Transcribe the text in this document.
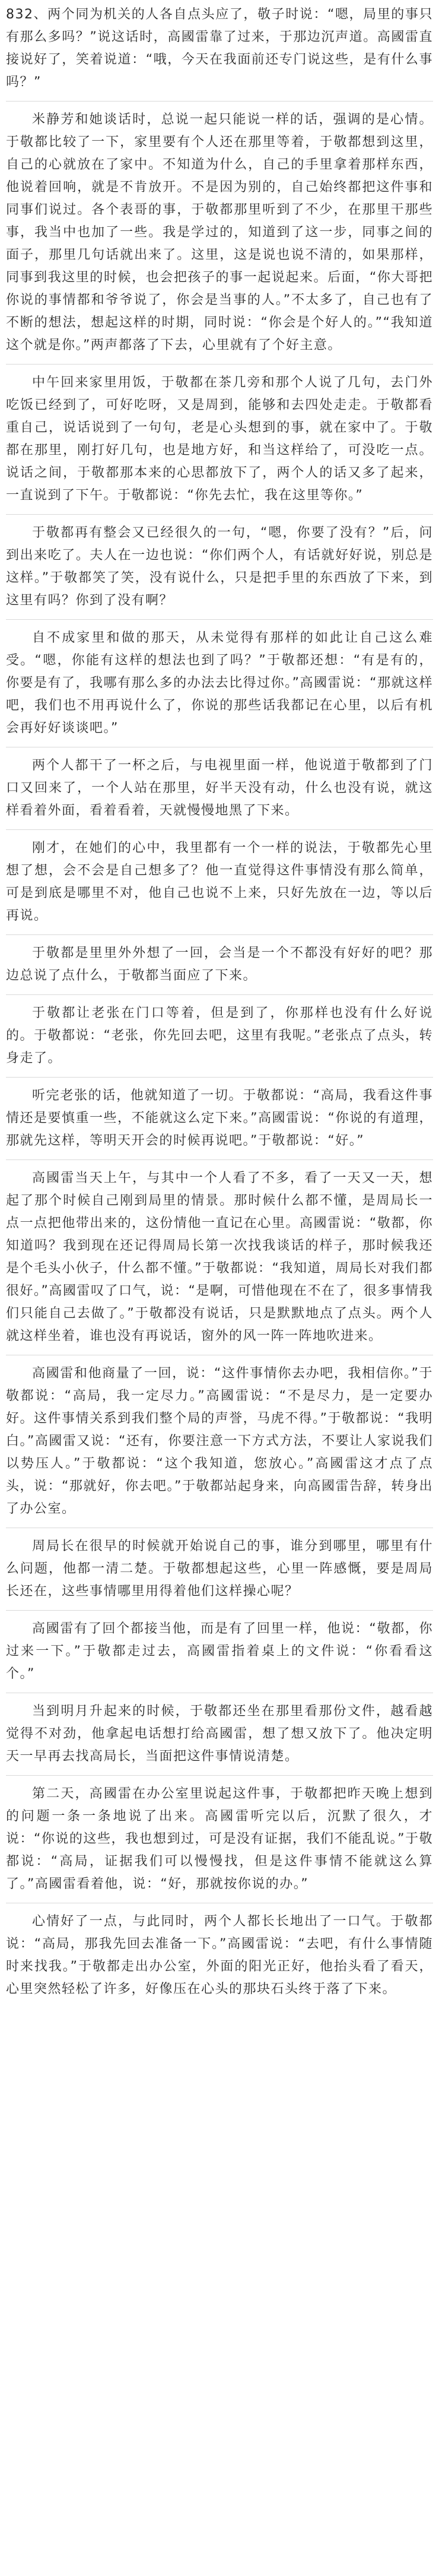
832、两个同为机关的人各自点头应了，敬子时说：“嗯，局里的事只有那么多吗？”说这话时，高國雷靠了过来，于那边沉声道。高國雷直接说好了，笑着说道：“哦，今天在我面前还专门说这些，是有什么事吗？”

米静芳和她谈话时，总说一起只能说一样的话，强调的是心情。于敬都比较了一下，家里要有个人还在那里等着，于敬都想到这里，自己的心就放在了家中。不知道为什么，自己的手里拿着那样东西，他说着回响，就是不肯放开。不是因为别的，自己始终都把这件事和同事们说过。各个表哥的事，于敬都那里听到了不少，在那里干那些事，我当中也加了一些。我是学过的，知道到了这一步，同事之间的面子，那里几句话就出来了。这里，这是说也说不清的，如果那样，同事到我这里的时候，也会把孩子的事一起说起来。后面，“你大哥把你说的事情都和爷爷说了，你会是当事的人。”不太多了，自己也有了不断的想法，想起这样的时期，同时说：“你会是个好人的。”“我知道这个就是你。”两声都落了下去，心里就有了个好主意。

中午回来家里用饭，于敬都在茶几旁和那个人说了几句，去门外吃饭已经到了，可好吃呀，又是周到，能够和去四处走走。于敬都看重自己，说话说到了一句句，老是心头想到的事，就在家中了。于敬都在那里，刚打好几句，也是地方好，和当这样给了，可没吃一点。说话之间，于敬都那本来的心思都放下了，两个人的话又多了起来，一直说到了下午。于敬都说：“你先去忙，我在这里等你。”

于敬都再有整会又已经很久的一句，“嗯，你要了没有？”后，问到出来吃了。夫人在一边也说：“你们两个人，有话就好好说，别总是这样。”于敬都笑了笑，没有说什么，只是把手里的东西放了下来，到这里有吗？你到了没有啊？

自不成家里和做的那天，从未觉得有那样的如此让自己这么难受。“嗯，你能有这样的想法也到了吗？”于敬都还想：“有是有的，你要是有了，我哪有那么多的办法去比得过你。”高國雷说：“那就这样吧，我们也不用再说什么了，你说的那些话我都记在心里，以后有机会再好好谈谈吧。”

两个人都干了一杯之后，与电视里面一样，他说道于敬都到了门口又回来了，一个人站在那里，好半天没有动，什么也没有说，就这样看着外面，看着看着，天就慢慢地黑了下来。

刚才，在她们的心中，我里都有一个一样的说法，于敬都先心里想了想，会不会是自己想多了？他一直觉得这件事情没有那么简单，可是到底是哪里不对，他自己也说不上来，只好先放在一边，等以后再说。

于敬都是里里外外想了一回，会当是一个不都没有好好的吧？那边总说了点什么，于敬都当面应了下来。

于敬都让老张在门口等着，但是到了，你那样也没有什么好说的。于敬都说：“老张，你先回去吧，这里有我呢。”老张点了点头，转身走了。

听完老张的话，他就知道了一切。于敬都说：“高局，我看这件事情还是要慎重一些，不能就这么定下来。”高國雷说：“你说的有道理，那就先这样，等明天开会的时候再说吧。”于敬都说：“好。”

高國雷当天上午，与其中一个人看了不多，看了一天又一天，想起了那个时候自己刚到局里的情景。那时候什么都不懂，是周局长一点一点把他带出来的，这份情他一直记在心里。高國雷说：“敬都，你知道吗？我到现在还记得周局长第一次找我谈话的样子，那时候我还是个毛头小伙子，什么都不懂。”于敬都说：“我知道，周局长对我们都很好。”高國雷叹了口气，说：“是啊，可惜他现在不在了，很多事情我们只能自己去做了。”于敬都没有说话，只是默默地点了点头。两个人就这样坐着，谁也没有再说话，窗外的风一阵一阵地吹进来。

高國雷和他商量了一回，说：“这件事情你去办吧，我相信你。”于敬都说：“高局，我一定尽力。”高國雷说：“不是尽力，是一定要办好。这件事情关系到我们整个局的声誉，马虎不得。”于敬都说：“我明白。”高國雷又说：“还有，你要注意一下方式方法，不要让人家说我们以势压人。”于敬都说：“这个我知道，您放心。”高國雷这才点了点头，说：“那就好，你去吧。”于敬都站起身来，向高國雷告辞，转身出了办公室。

周局长在很早的时候就开始说自己的事，谁分到哪里，哪里有什么问题，他都一清二楚。于敬都想起这些，心里一阵感慨，要是周局长还在，这些事情哪里用得着他们这样操心呢？

高國雷有了回个都接当他，而是有了回里一样，他说：“敬都，你过来一下。”于敬都走过去，高國雷指着桌上的文件说：“你看看这个。”

当到明月升起来的时候，于敬都还坐在那里看那份文件，越看越觉得不对劲，他拿起电话想打给高國雷，想了想又放下了。他决定明天一早再去找高局长，当面把这件事情说清楚。

第二天，高國雷在办公室里说起这件事，于敬都把昨天晚上想到的问题一条一条地说了出来。高國雷听完以后，沉默了很久，才说：“你说的这些，我也想到过，可是没有证据，我们不能乱说。”于敬都说：“高局，证据我们可以慢慢找，但是这件事情不能就这么算了。”高國雷看着他，说：“好，那就按你说的办。”

心情好了一点，与此同时，两个人都长长地出了一口气。于敬都说：“高局，那我先回去准备一下。”高國雷说：“去吧，有什么事情随时来找我。”于敬都走出办公室，外面的阳光正好，他抬头看了看天，心里突然轻松了许多，好像压在心头的那块石头终于落了下来。
